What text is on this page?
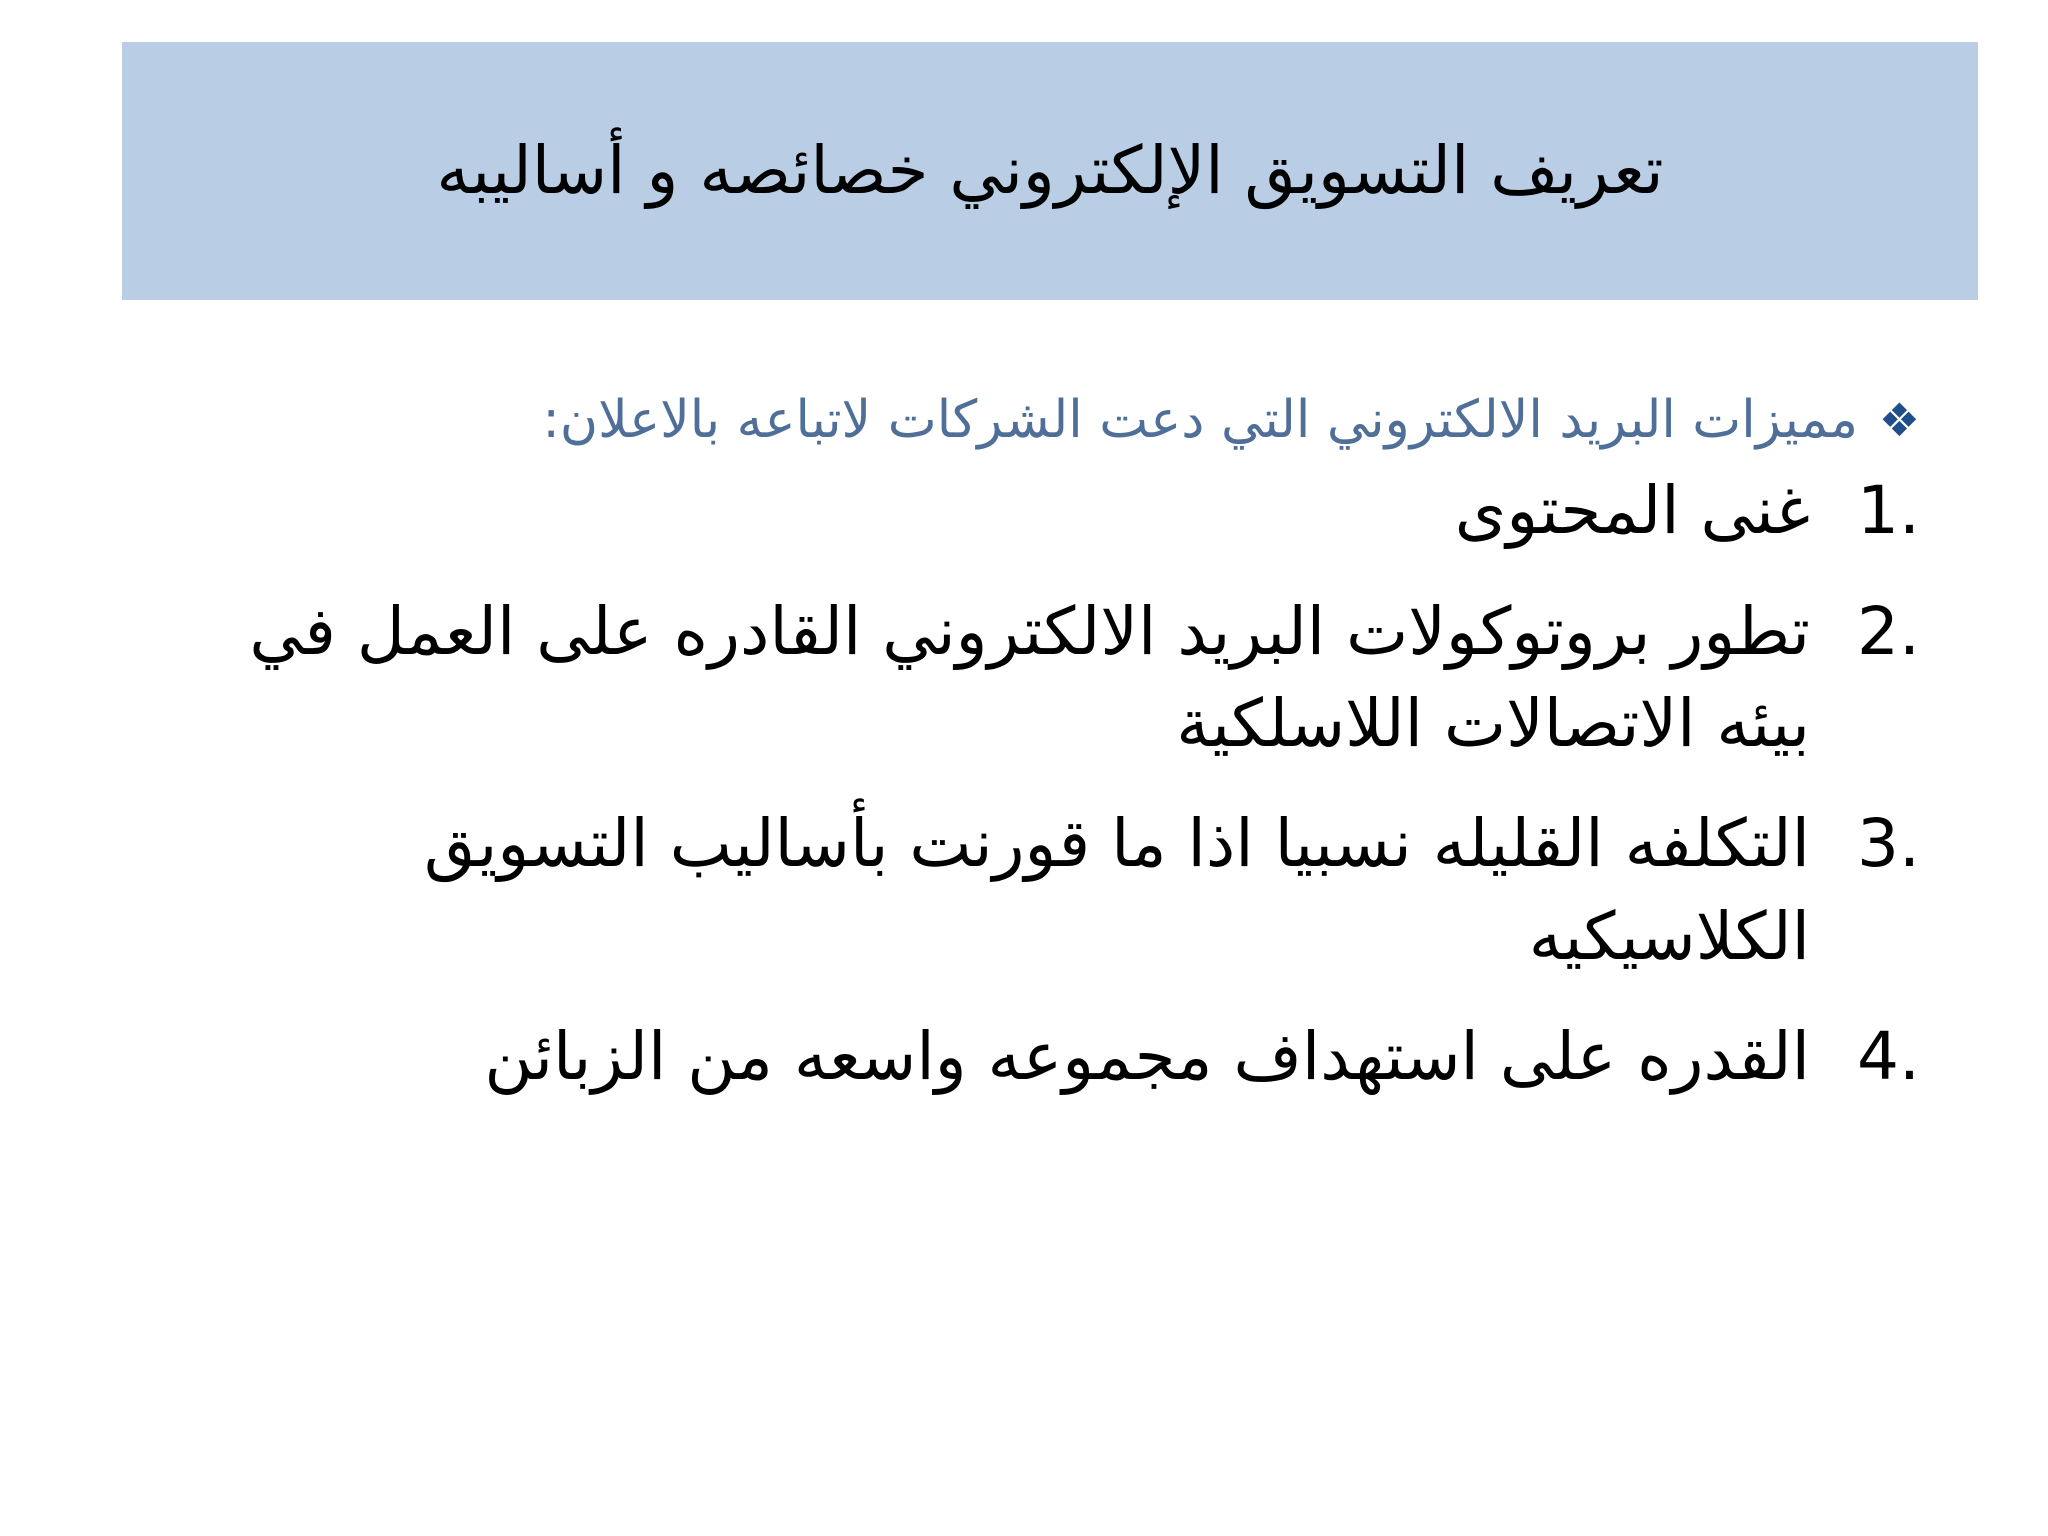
تعريف التسويق الإلكتروني خصائصه و أساليبه
❖
مميزات البريد الالكتروني التي دعت الشركات لاتباعه بالاعلان:
1.
غنى المحتوى
2.
تطور بروتوكولات البريد الالكتروني القادره على العمل في بيئه الاتصالات اللاسلكية
3.
التكلفه القليله نسبيا اذا ما قورنت بأساليب التسويق الكلاسيكيه
4.
القدره على استهداف مجموعه واسعه من الزبائن
